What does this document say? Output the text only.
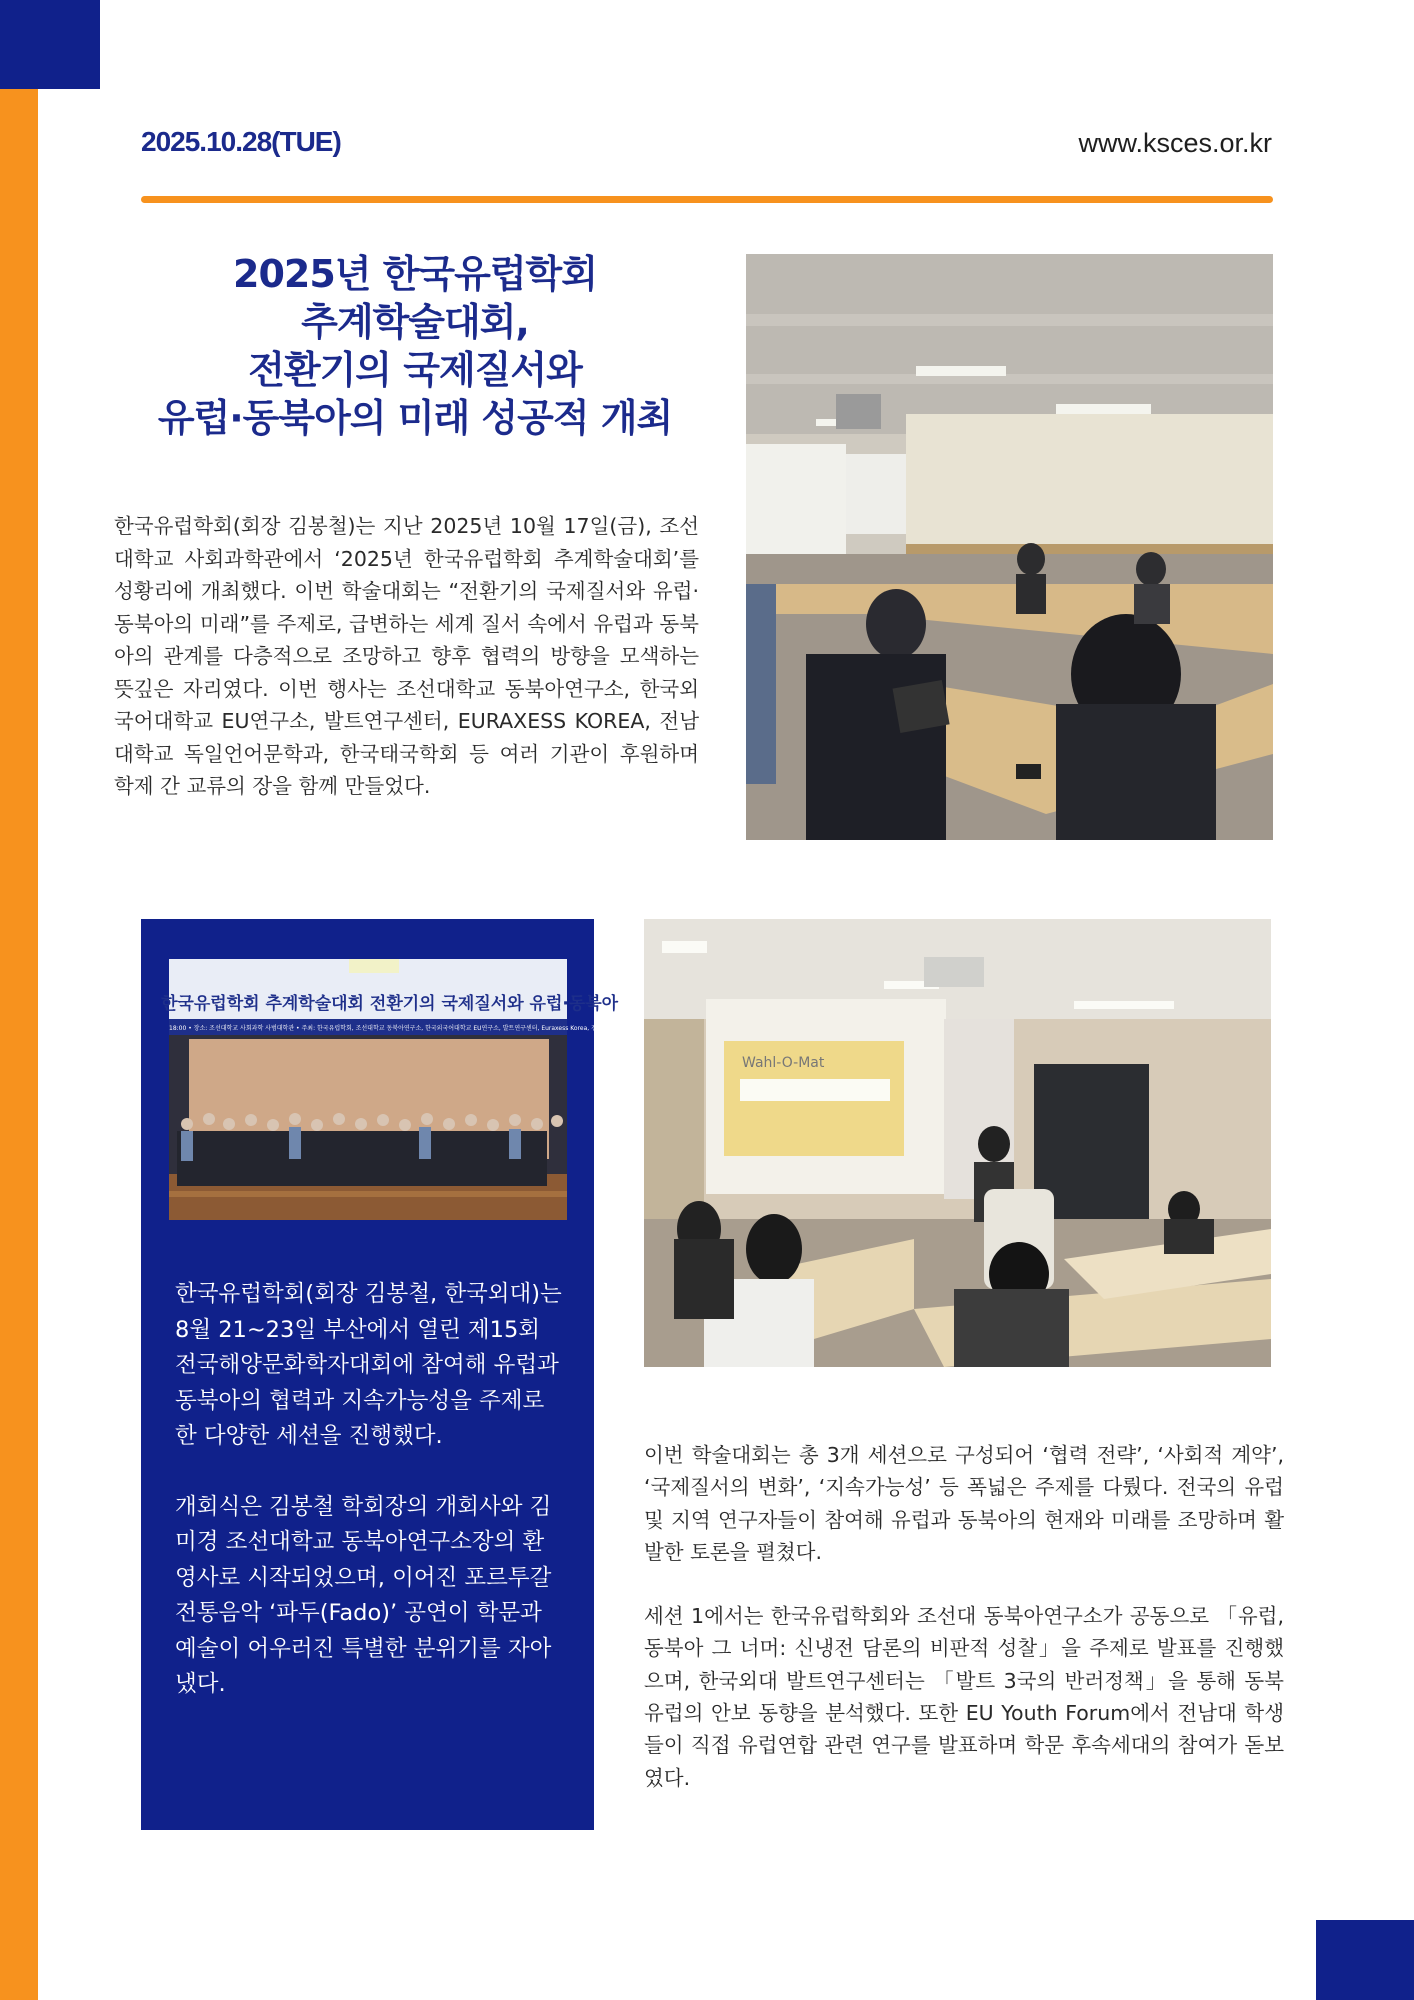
2025.10.28(TUE)	www.ksces.or.kr
2025년 한국유럽학회
추계학술대회,
전환기의 국제질서와
유럽·동북아의 미래 성공적 개최
한국유럽학회(회장 김봉철)는 지난 2025년 10월 17일(금), 조선대학교 사회과학관에서 ‘2025년 한국유럽학회 추계학술대회’를 성황리에 개최했다. 이번 학술대회는 “전환기의 국제질서와 유럽·동북아의 미래”를 주제로, 급변하는 세계 질서 속에서 유럽과 동북아의 관계를 다층적으로 조망하고 향후 협력의 방향을 모색하는 뜻깊은 자리였다. 이번 행사는 조선대학교 동북아연구소, 한국외국어대학교 EU연구소, 발트연구센터, EURAXESS KOREA, 전남대학교 독일언어문학과, 한국태국학회 등 여러 기관이 후원하며 학제 간 교류의 장을 함께 만들었다.
한국유럽학회 추계학술대회 전환기의 국제질서와 유럽·동북아
18:00 • 장소: 조선대학교 사회과학 사범대학관 • 주최: 한국유럽학회, 조선대학교 동북아연구소, 한국외국어대학교 EU연구소, 발트연구센터, Euraxess Korea, 전남

한국유럽학회(회장 김봉철, 한국외대)는 8월 21~23일 부산에서 열린 제15회 전국해양문화학자대회에 참여해 유럽과 동북아의 협력과 지속가능성을 주제로 한 다양한 세션을 진행했다.

개회식은 김봉철 학회장의 개회사와 김미경 조선대학교 동북아연구소장의 환영사로 시작되었으며, 이어진 포르투갈 전통음악 ‘파두(Fado)’ 공연이 학문과 예술이 어우러진 특별한 분위기를 자아냈다.

Wahl-O-Mat

이번 학술대회는 총 3개 세션으로 구성되어 ‘협력 전략’, ‘사회적 계약’, ‘국제질서의 변화’, ‘지속가능성’ 등 폭넓은 주제를 다뤘다. 전국의 유럽 및 지역 연구자들이 참여해 유럽과 동북아의 현재와 미래를 조망하며 활발한 토론을 펼쳤다.

세션 1에서는 한국유럽학회와 조선대 동북아연구소가 공동으로 「유럽, 동북아 그 너머: 신냉전 담론의 비판적 성찰」을 주제로 발표를 진행했으며, 한국외대 발트연구센터는 「발트 3국의 반러정책」을 통해 동북유럽의 안보 동향을 분석했다. 또한 EU Youth Forum에서 전남대 학생들이 직접 유럽연합 관련 연구를 발표하며 학문 후속세대의 참여가 돋보였다.
